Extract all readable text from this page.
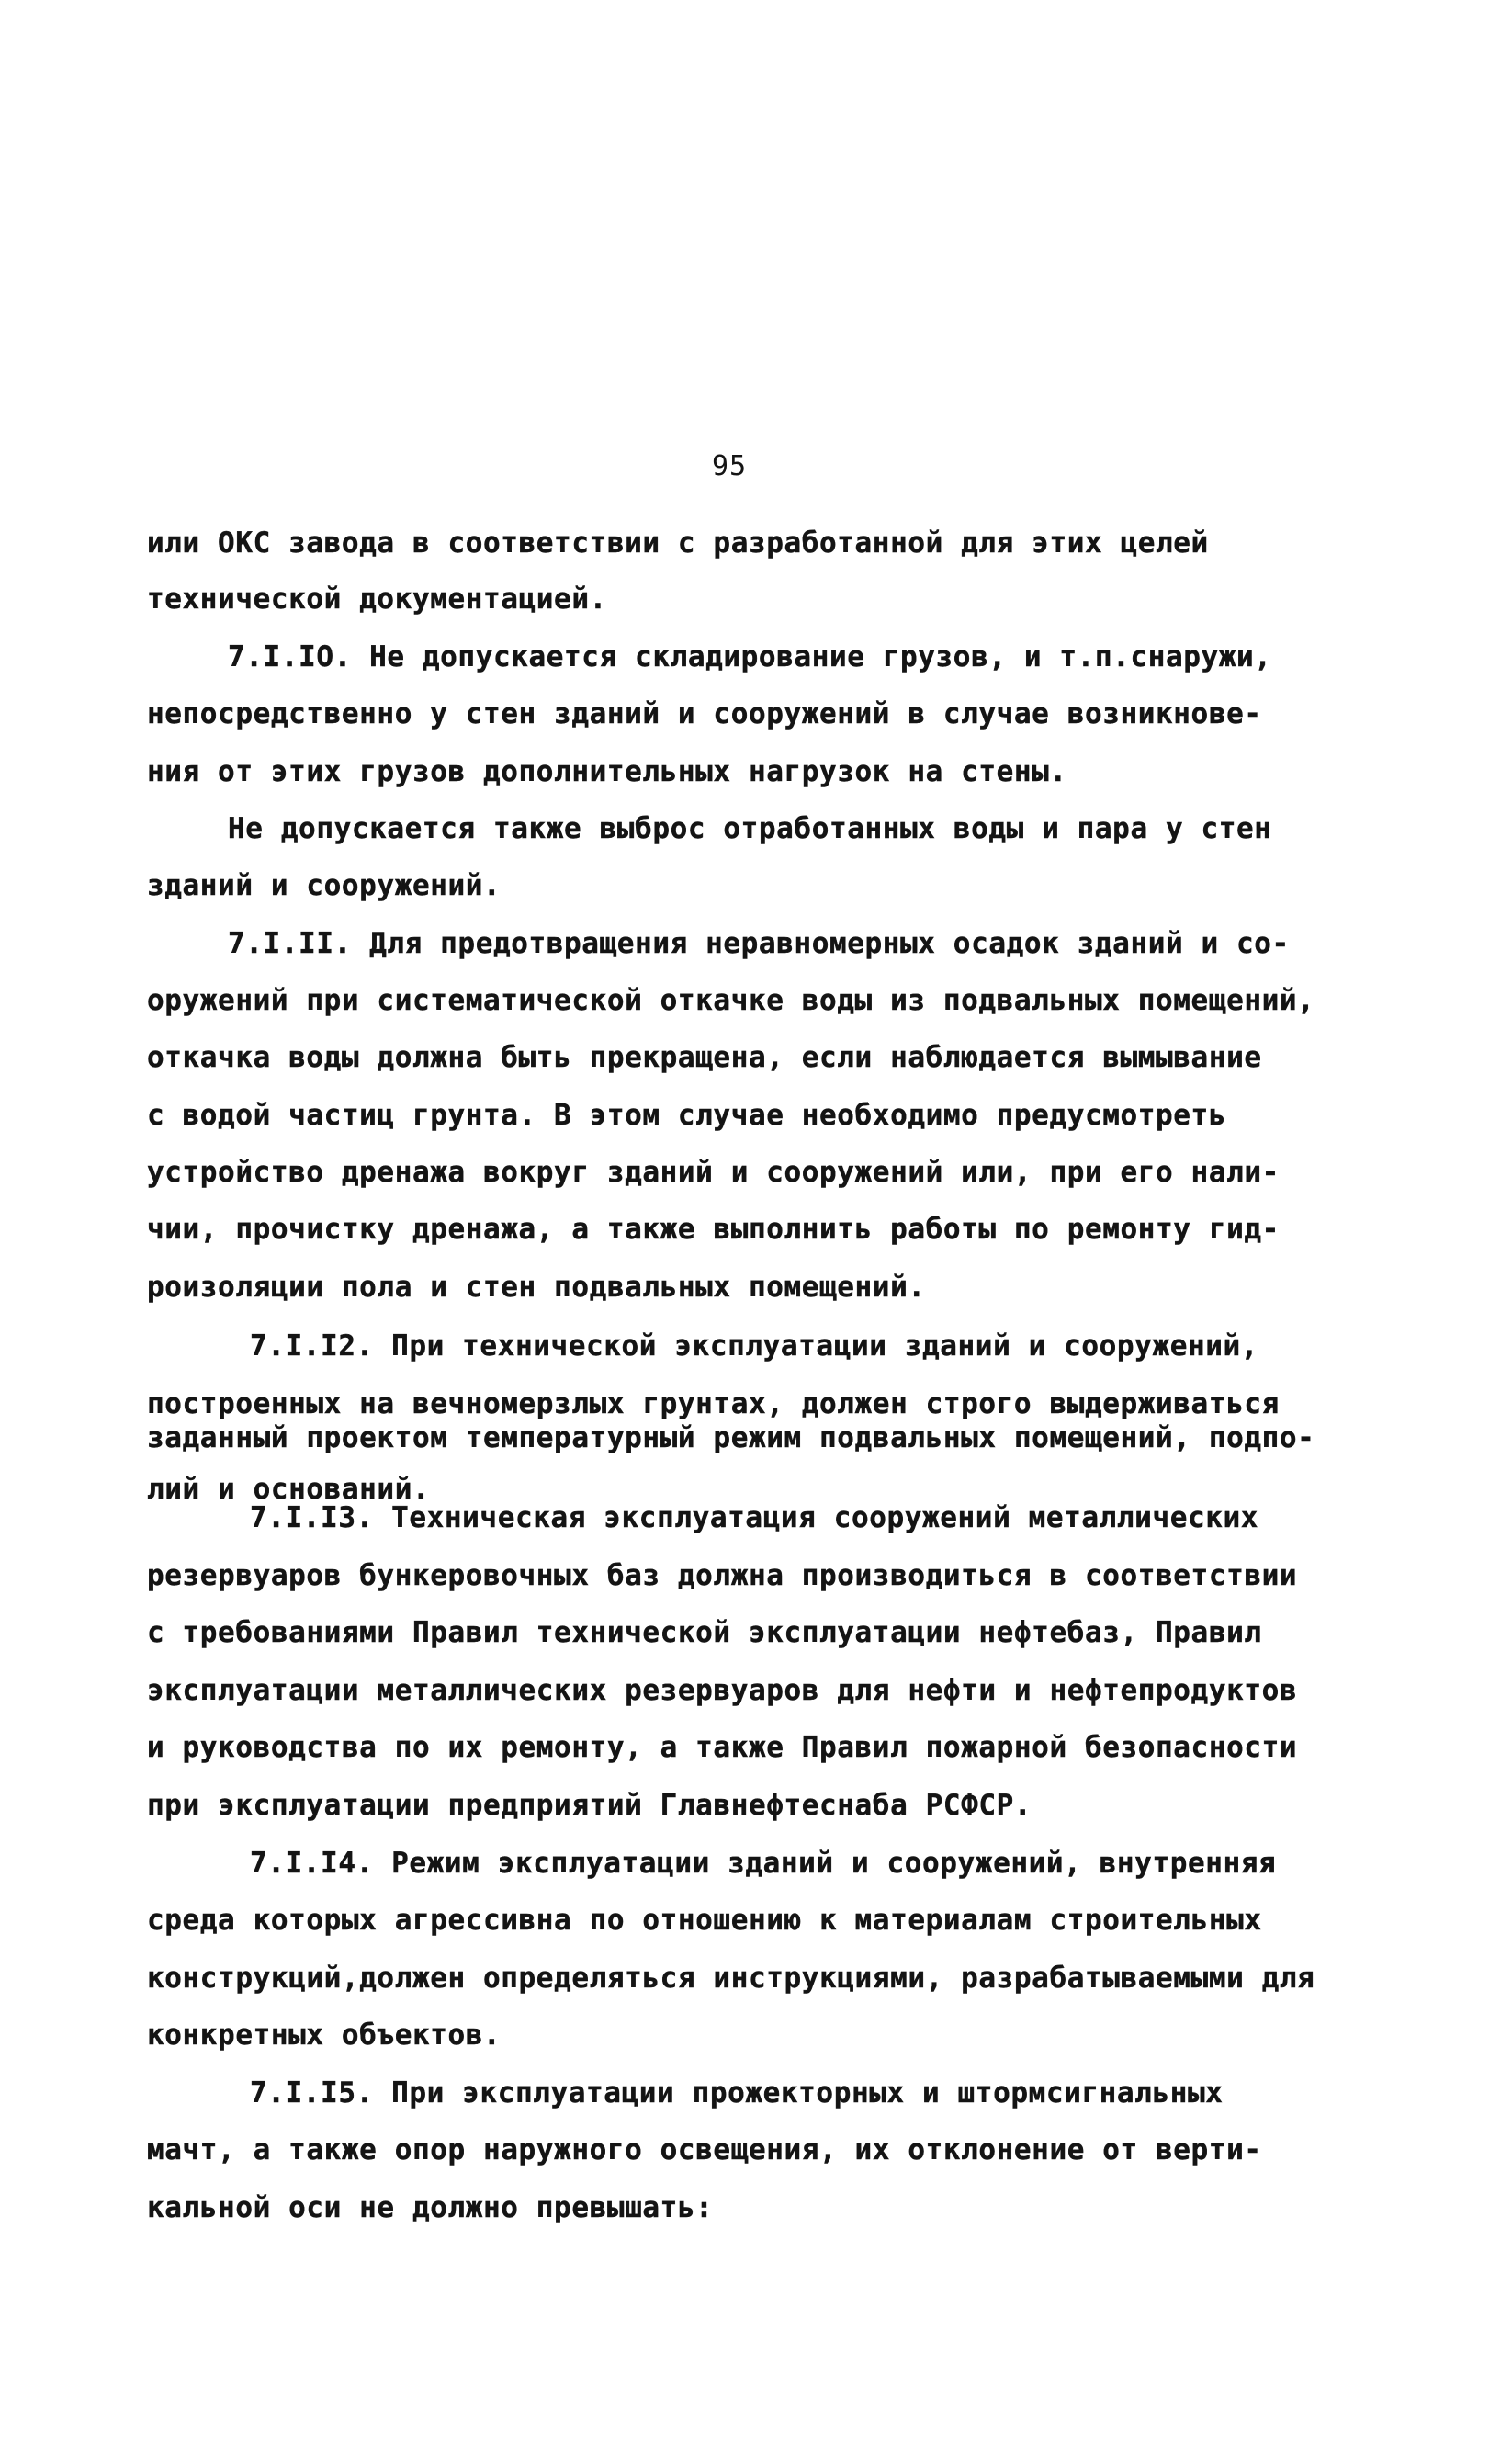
95
или ОКС завода в соответствии с разработанной для этих целей
технической документацией.
7.I.IO. Не допускается складирование грузов, и т.п.снаружи,
непосредственно у стен зданий и сооружений в случае возникнове-
ния от этих грузов дополнительных нагрузок на стены.
Не допускается также выброс отработанных воды и пара у стен
зданий и сооружений.
7.I.II. Для предотвращения неравномерных осадок зданий и со-
оружений при систематической откачке воды из подвальных помещений,
откачка воды должна быть прекращена, если наблюдается вымывание
с водой частиц грунта. В этом случае необходимо предусмотреть
устройство дренажа вокруг зданий и сооружений или, при его нали-
чии, прочистку дренажа, а также выполнить работы по ремонту гид-
роизоляции пола и стен подвальных помещений.
7.I.I2. При технической эксплуатации зданий и сооружений,
построенных на вечномерзлых грунтах, должен строго выдерживаться
заданный проектом температурный режим подвальных помещений, подпо-
лий и оснований.
7.I.I3. Техническая эксплуатация сооружений металлических
резервуаров бункеровочных баз должна производиться в соответствии
с требованиями Правил технической эксплуатации нефтебаз, Правил
эксплуатации металлических резервуаров для нефти и нефтепродуктов
и руководства по их ремонту, а также Правил пожарной безопасности
при эксплуатации предприятий Главнефтеснаба РСФСР.
7.I.I4. Режим эксплуатации зданий и сооружений, внутренняя
среда которых агрессивна по отношению к материалам строительных
конструкций,должен определяться инструкциями, разрабатываемыми для
конкретных объектов.
7.I.I5. При эксплуатации прожекторных и штормсигнальных
мачт, а также опор наружного освещения, их отклонение от верти-
кальной оси не должно превышать:
